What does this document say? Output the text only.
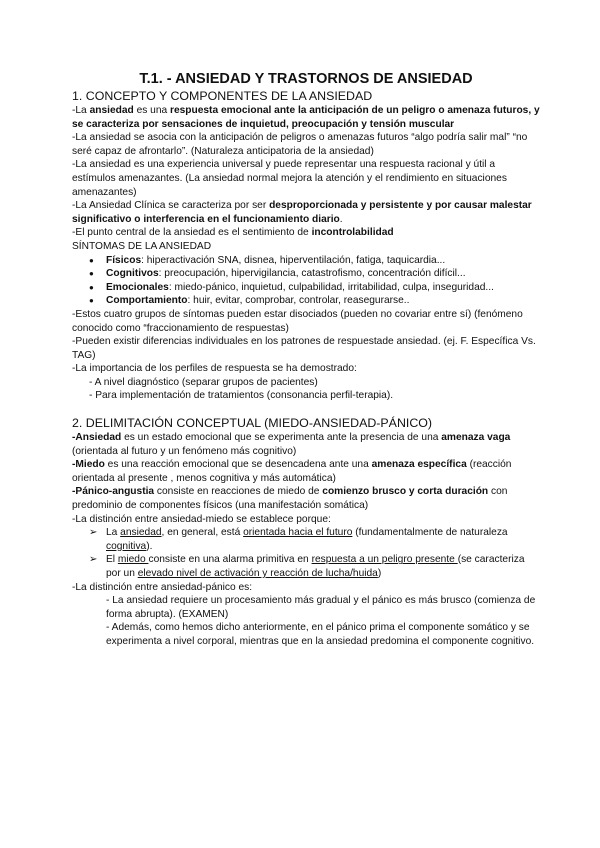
T.1. - ANSIEDAD Y TRASTORNOS DE ANSIEDAD
1. CONCEPTO Y COMPONENTES DE LA ANSIEDAD

-La ansiedad es una respuesta emocional ante la anticipación de un peligro o amenaza futuros, y se caracteriza por sensaciones de inquietud, preocupación y tensión muscular

-La ansiedad se asocia con la anticipación de peligros o amenazas futuros “algo podría salir mal” “no seré capaz de afrontarlo”. (Naturaleza anticipatoria de la ansiedad)

-La ansiedad es una experiencia universal y puede representar una respuesta racional y útil a estímulos amenazantes. (La ansiedad normal mejora la atención y el rendimiento en situaciones amenazantes)

-La Ansiedad Clínica se caracteriza por ser desproporcionada y persistente y por causar malestar significativo o interferencia en el funcionamiento diario.

-El punto central de la ansiedad es el sentimiento de incontrolabilidad

SÍNTOMAS DE LA ANSIEDAD

● Físicos: hiperactivación SNA, disnea, hiperventilación, fatiga, taquicardia...
● Cognitivos: preocupación, hipervigilancia, catastrofismo, concentración difícil...
● Emocionales: miedo-pánico, inquietud, culpabilidad, irritabilidad, culpa, inseguridad...
● Comportamiento: huir, evitar, comprobar, controlar, reasegurarse..

-Estos cuatro grupos de síntomas pueden estar disociados (pueden no covariar entre sí) (fenómeno conocido como “fraccionamiento de respuestas)

-Pueden existir diferencias individuales en los patrones de respuestade ansiedad. (ej. F. Específica Vs. TAG)

-La importancia de los perfiles de respuesta se ha demostrado:

- A nivel diagnóstico (separar grupos de pacientes)
- Para implementación de tratamientos (consonancia perfil-terapia).
2. DELIMITACIÓN CONCEPTUAL (MIEDO-ANSIEDAD-PÁNICO)

-Ansiedad es un estado emocional que se experimenta ante la presencia de una amenaza vaga (orientada al futuro y un fenómeno más cognitivo)

-Miedo es una reacción emocional que se desencadena ante una amenaza específica (reacción orientada al presente , menos cognitiva y más automática)

-Pánico-angustia consiste en reacciones de miedo de comienzo brusco y corta duración con predominio de componentes físicos (una manifestación somática)

-La distinción entre ansiedad-miedo se establece porque:

➢ La ansiedad, en general, está orientada hacia el futuro (fundamentalmente de naturaleza cognitiva).
➢ El miedo consiste en una alarma primitiva en respuesta a un peligro presente (se caracteriza por un elevado nivel de activación y reacción de lucha/huida)

-La distinción entre ansiedad-pánico es:

- La ansiedad requiere un procesamiento más gradual y el pánico es más brusco (comienza de forma abrupta). (EXAMEN)

- Además, como hemos dicho anteriormente, en el pánico prima el componente somático y se experimenta a nivel corporal, mientras que en la ansiedad predomina el componente cognitivo.
